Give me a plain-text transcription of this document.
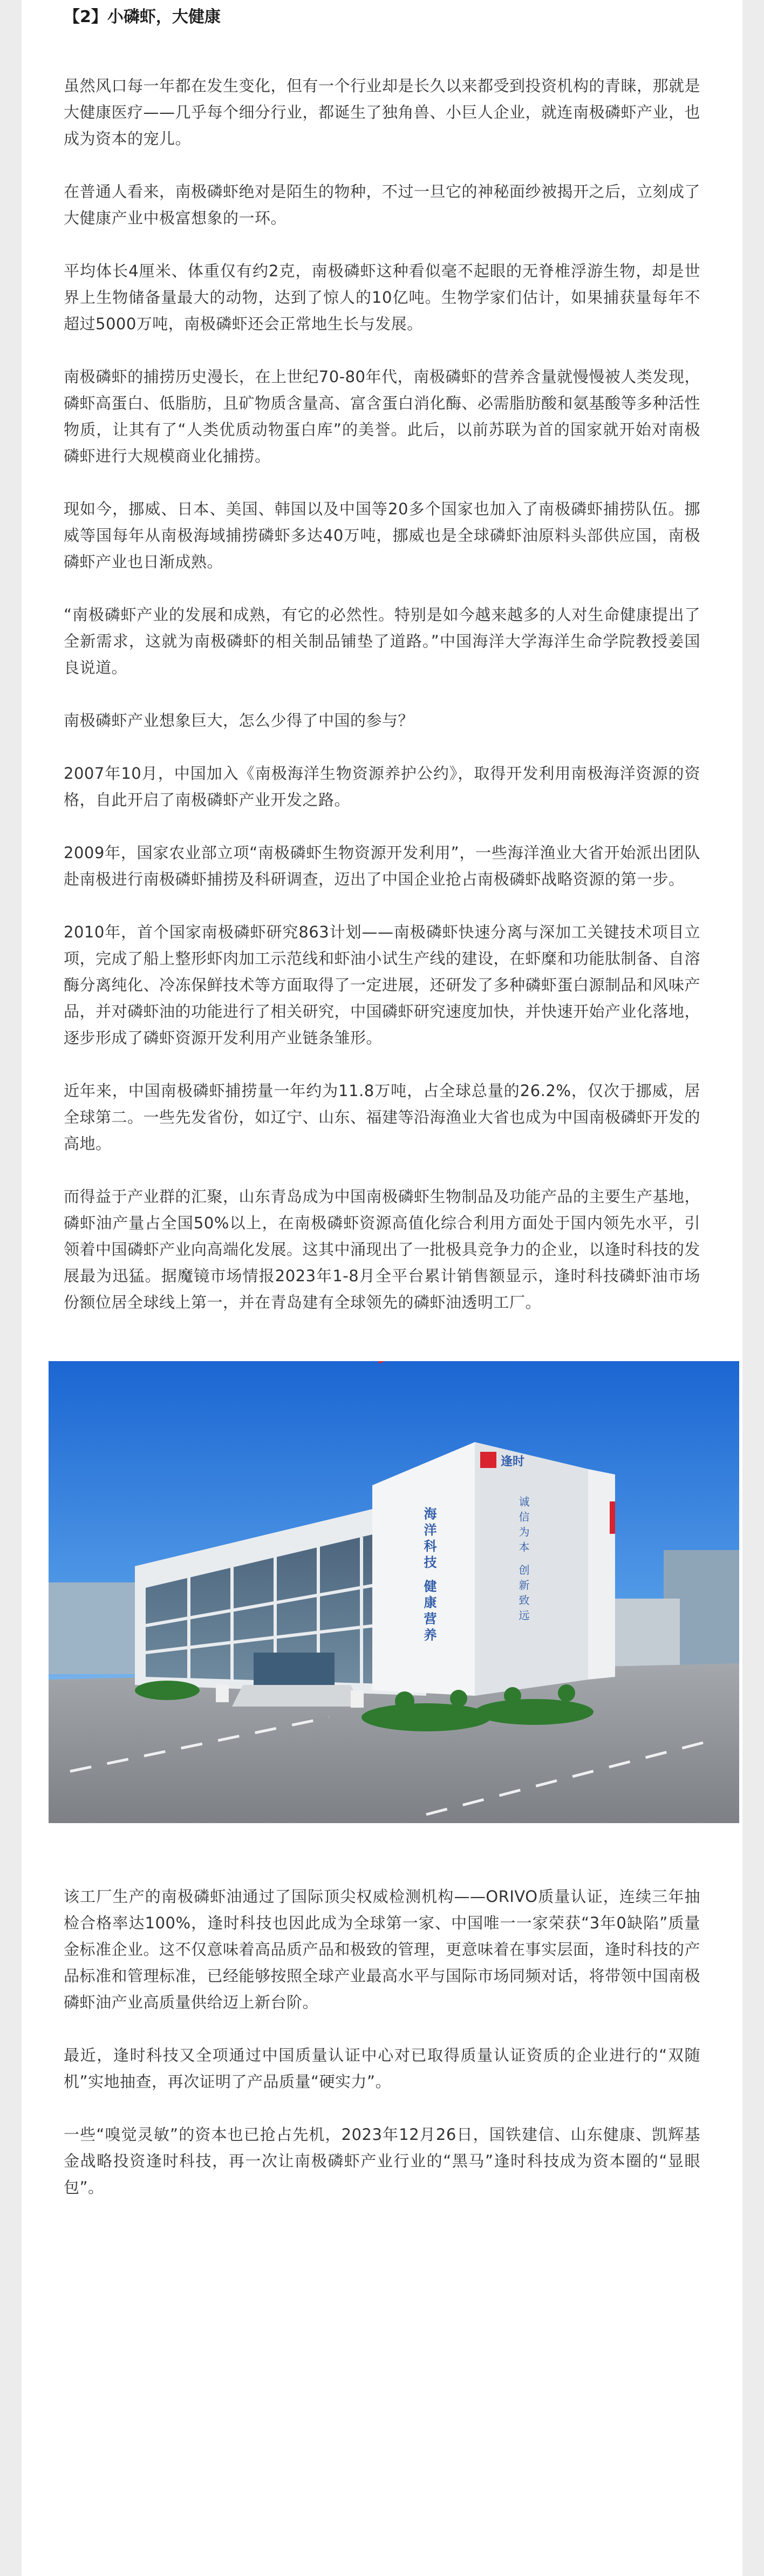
【2】小磷虾，大健康

虽然风口每一年都在发生变化，但有一个行业却是长久以来都受到投资机构的青睐，那就是大健康医疗——几乎每个细分行业，都诞生了独角兽、小巨人企业，就连南极磷虾产业，也成为资本的宠儿。

在普通人看来，南极磷虾绝对是陌生的物种，不过一旦它的神秘面纱被揭开之后，立刻成了大健康产业中极富想象的一环。

平均体长4厘米、体重仅有约2克，南极磷虾这种看似毫不起眼的无脊椎浮游生物，却是世界上生物储备量最大的动物，达到了惊人的10亿吨。生物学家们估计，如果捕获量每年不超过5000万吨，南极磷虾还会正常地生长与发展。

南极磷虾的捕捞历史漫长，在上世纪70-80年代，南极磷虾的营养含量就慢慢被人类发现，磷虾高蛋白、低脂肪，且矿物质含量高、富含蛋白消化酶、必需脂肪酸和氨基酸等多种活性物质，让其有了“人类优质动物蛋白库”的美誉。此后，以前苏联为首的国家就开始对南极磷虾进行大规模商业化捕捞。

现如今，挪威、日本、美国、韩国以及中国等20多个国家也加入了南极磷虾捕捞队伍。挪威等国每年从南极海域捕捞磷虾多达40万吨，挪威也是全球磷虾油原料头部供应国，南极磷虾产业也日渐成熟。

“南极磷虾产业的发展和成熟，有它的必然性。特别是如今越来越多的人对生命健康提出了全新需求，这就为南极磷虾的相关制品铺垫了道路。”中国海洋大学海洋生命学院教授姜国良说道。

南极磷虾产业想象巨大，怎么少得了中国的参与？

2007年10月，中国加入《南极海洋生物资源养护公约》，取得开发利用南极海洋资源的资格，自此开启了南极磷虾产业开发之路。

2009年，国家农业部立项“南极磷虾生物资源开发利用”，一些海洋渔业大省开始派出团队赴南极进行南极磷虾捕捞及科研调查，迈出了中国企业抢占南极磷虾战略资源的第一步。

2010年，首个国家南极磷虾研究863计划——南极磷虾快速分离与深加工关键技术项目立项，完成了船上整形虾肉加工示范线和虾油小试生产线的建设，在虾糜和功能肽制备、自溶酶分离纯化、冷冻保鲜技术等方面取得了一定进展，还研发了多种磷虾蛋白源制品和风味产品，并对磷虾油的功能进行了相关研究，中国磷虾研究速度加快，并快速开始产业化落地，逐步形成了磷虾资源开发利用产业链条雏形。

近年来，中国南极磷虾捕捞量一年约为11.8万吨，占全球总量的26.2%，仅次于挪威，居全球第二。一些先发省份，如辽宁、山东、福建等沿海渔业大省也成为中国南极磷虾开发的高地。

而得益于产业群的汇聚，山东青岛成为中国南极磷虾生物制品及功能产品的主要生产基地，磷虾油产量占全国50%以上，在南极磷虾资源高值化综合利用方面处于国内领先水平，引领着中国磷虾产业向高端化发展。这其中涌现出了一批极具竞争力的企业，以逢时科技的发展最为迅猛。据魔镜市场情报2023年1-8月全平台累计销售额显示，逢时科技磷虾油市场份额位居全球线上第一，并在青岛建有全球领先的磷虾油透明工厂。

逢时
海洋科技 健康营养	诚信为本 创新致远

该工厂生产的南极磷虾油通过了国际顶尖权威检测机构——ORIVO质量认证，连续三年抽检合格率达100%，逢时科技也因此成为全球第一家、中国唯一一家荣获“3年0缺陷”质量金标准企业。这不仅意味着高品质产品和极致的管理，更意味着在事实层面，逢时科技的产品标准和管理标准，已经能够按照全球产业最高水平与国际市场同频对话，将带领中国南极磷虾油产业高质量供给迈上新台阶。

最近，逢时科技又全项通过中国质量认证中心对已取得质量认证资质的企业进行的“双随机”实地抽查，再次证明了产品质量“硬实力”。

一些“嗅觉灵敏”的资本也已抢占先机，2023年12月26日，国铁建信、山东健康、凯辉基金战略投资逢时科技，再一次让南极磷虾产业行业的“黑马”逢时科技成为资本圈的“显眼包”。
